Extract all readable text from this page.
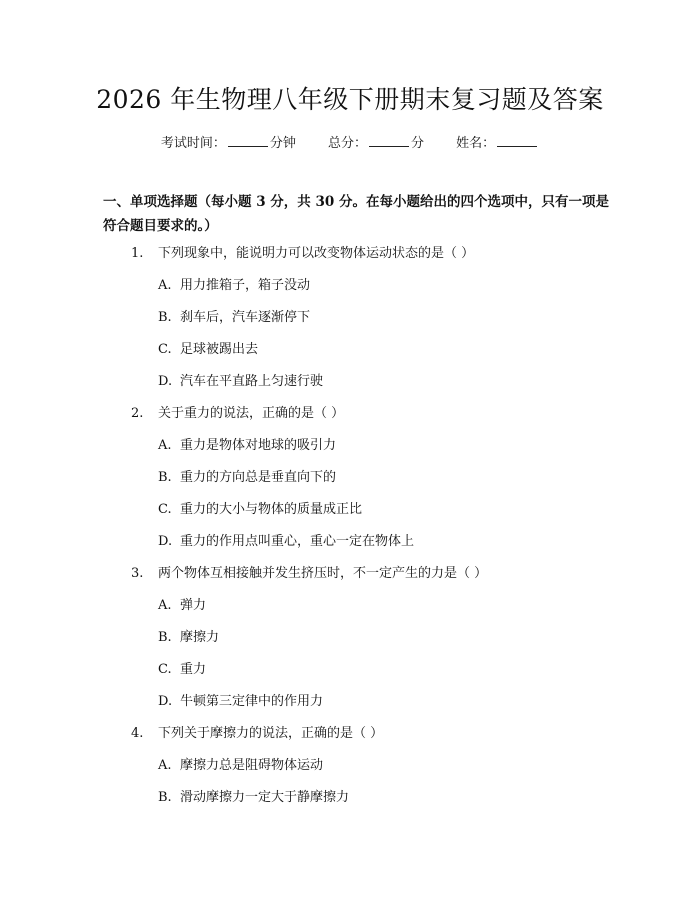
2026 年生物理八年级下册期末复习题及答案
考试时间：	分钟 总分：	分 姓名：

一、单项选择题（每小题 3 分，共 30 分。在每小题给出的四个选项中，只有一项是符合题目要求的。）

1. 下列现象中，能说明力可以改变物体运动状态的是（ ）
A. 用力推箱子，箱子没动
B. 刹车后，汽车逐渐停下
C. 足球被踢出去
D. 汽车在平直路上匀速行驶
2. 关于重力的说法，正确的是（ ）
A. 重力是物体对地球的吸引力
B. 重力的方向总是垂直向下的
C. 重力的大小与物体的质量成正比
D. 重力的作用点叫重心，重心一定在物体上
3. 两个物体互相接触并发生挤压时，不一定产生的力是（ ）
A. 弹力
B. 摩擦力
C. 重力
D. 牛顿第三定律中的作用力
4. 下列关于摩擦力的说法，正确的是（ ）
A. 摩擦力总是阻碍物体运动
B. 滑动摩擦力一定大于静摩擦力
